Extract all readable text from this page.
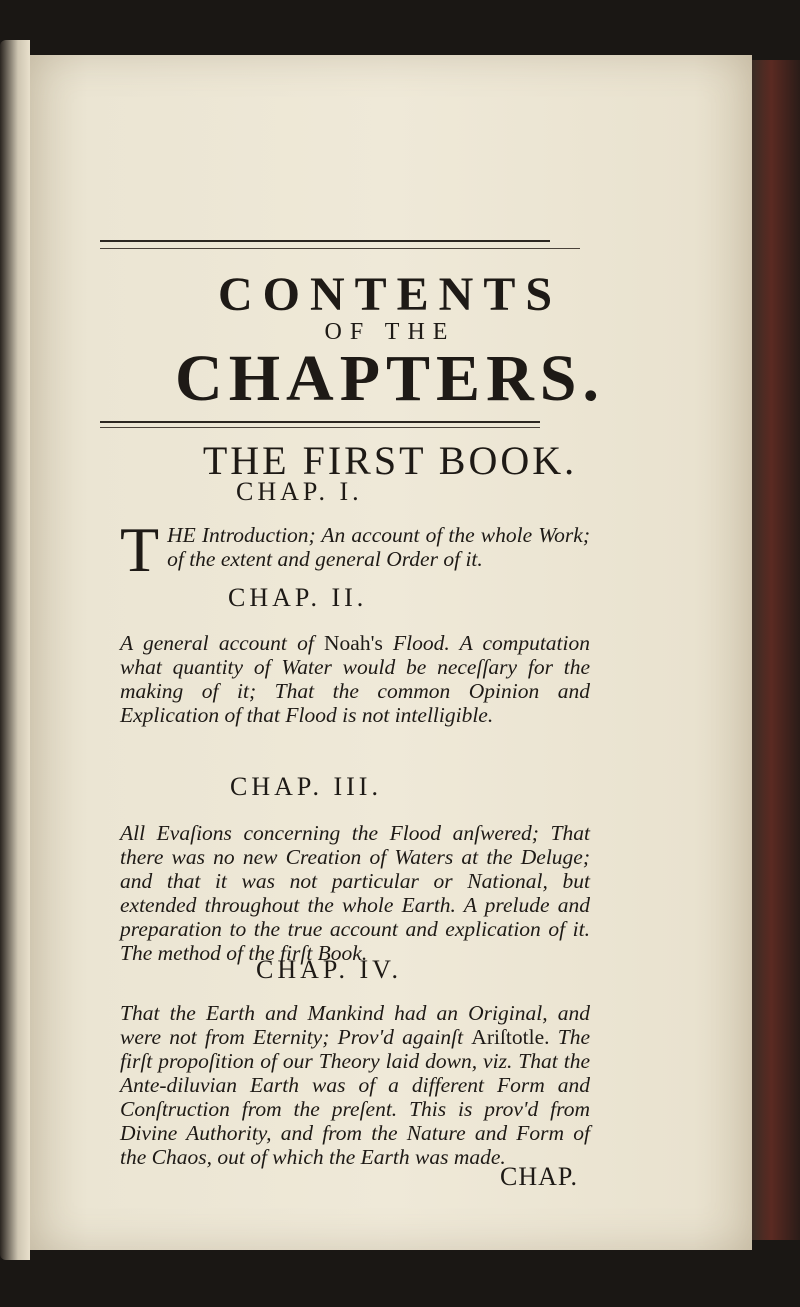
CONTENTS
OF THE
CHAPTERS.
THE FIRST BOOK.
CHAP. I.
THE Introduction; An account of the whole Work; of the extent and general Order of it.
CHAP. II.
A general account of Noah's Flood. A computation what quantity of Water would be neceſſary for the making of it; That the common Opinion and Explication of that Flood is not intelligible.
CHAP. III.
All Evaſions concerning the Flood anſwered; That there was no new Creation of Waters at the Deluge; and that it was not particular or National, but extended throughout the whole Earth. A prelude and preparation to the true account and explication of it. The method of the firſt Book.
CHAP. IV.
That the Earth and Mankind had an Original, and were not from Eternity; Prov'd againſt Ariſtotle. The firſt propoſition of our Theory laid down, viz. That the Ante-diluvian Earth was of a different Form and Conſtruction from the preſent. This is prov'd from Divine Authority, and from the Nature and Form of the Chaos, out of which the Earth was made.
CHAP.
